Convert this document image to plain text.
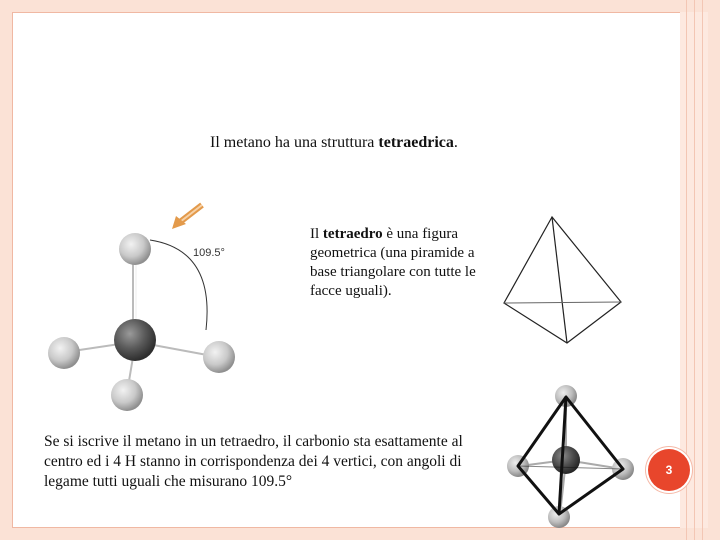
Il metano ha una struttura tetraedrica.
109.5°
Il tetraedro è una figura geometrica (una piramide a base triangolare con tutte le facce uguali).
Se si iscrive il metano in un tetraedro, il carbonio sta esattamente al centro ed i 4 H stanno in corrispondenza dei 4 vertici, con angoli di legame tutti uguali che misurano 109.5°
3
